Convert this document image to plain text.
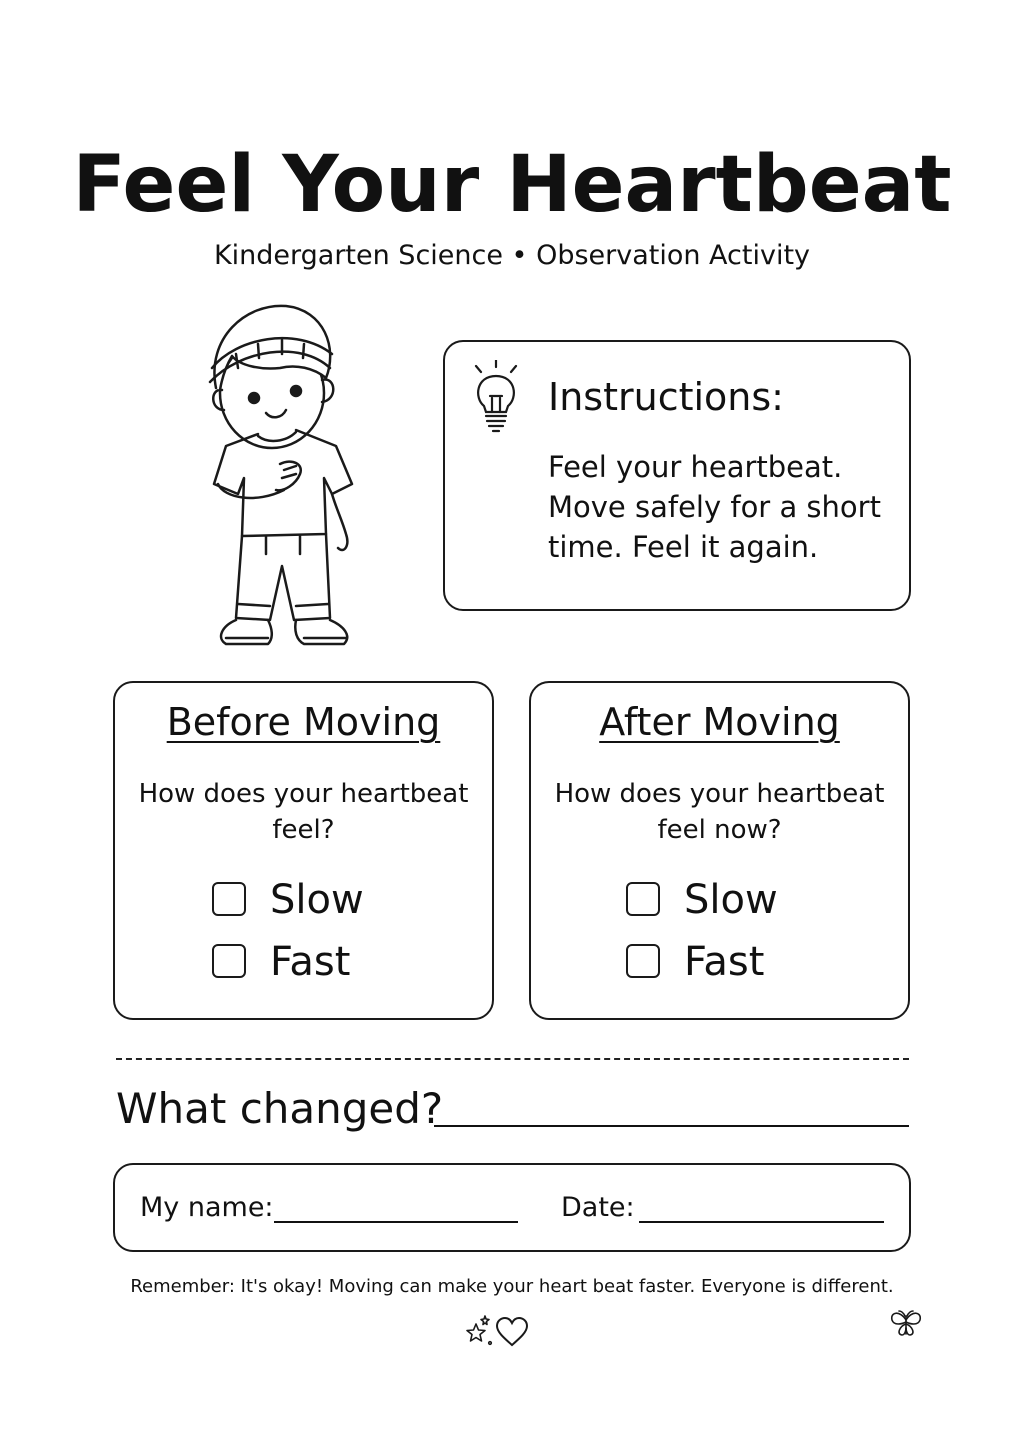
Feel Your Heartbeat
Kindergarten Science • Observation Activity
Instructions:
Feel your heartbeat. Move safely for a short time. Feel it again.
Before Moving
How does your heartbeat feel?
Slow
Fast
After Moving
How does your heartbeat feel now?
Slow
Fast
What changed?
My name:	Date:
Remember: It's okay! Moving can make your heart beat faster. Everyone is different.
